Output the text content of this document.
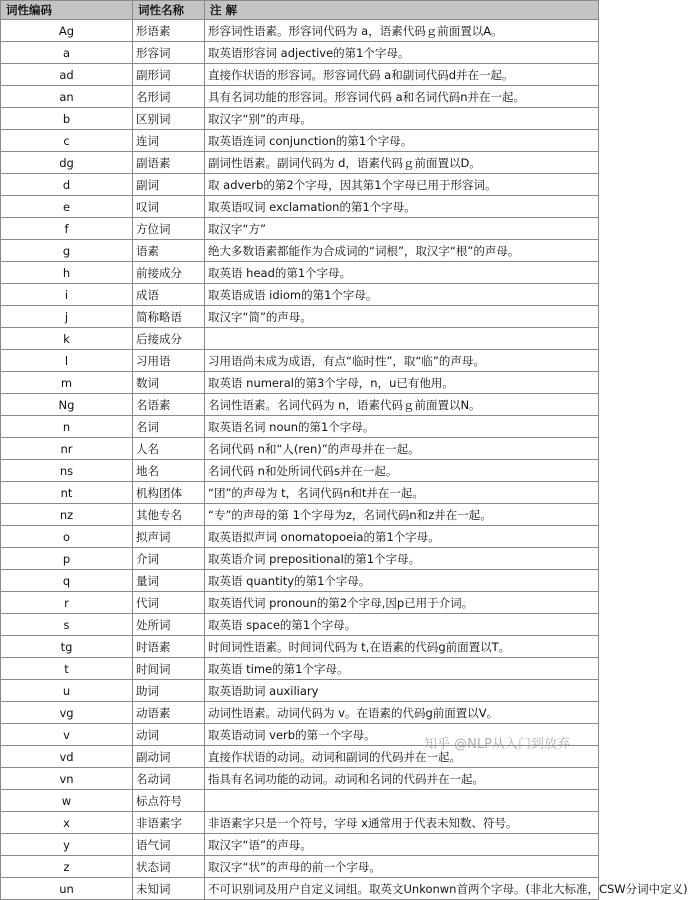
词性编码	词性名称	注 解
Ag	形语素	形容词性语素。形容词代码为 a，语素代码ｇ前面置以A。
a	形容词	取英语形容词 adjective的第1个字母。
ad	副形词	直接作状语的形容词。形容词代码 a和副词代码d并在一起。
an	名形词	具有名词功能的形容词。形容词代码 a和名词代码n并在一起。
b	区别词	取汉字“别”的声母。
c	连词	取英语连词 conjunction的第1个字母。
dg	副语素	副词性语素。副词代码为 d，语素代码ｇ前面置以D。
d	副词	取 adverb的第2个字母，因其第1个字母已用于形容词。
e	叹词	取英语叹词 exclamation的第1个字母。
f	方位词	取汉字“方”
g	语素	绝大多数语素都能作为合成词的“词根”，取汉字“根”的声母。
h	前接成分	取英语 head的第1个字母。
i	成语	取英语成语 idiom的第1个字母。
j	简称略语	取汉字“简”的声母。
k	后接成分	
l	习用语	习用语尚未成为成语，有点“临时性”，取“临”的声母。
m	数词	取英语 numeral的第3个字母，n，u已有他用。
Ng	名语素	名词性语素。名词代码为 n，语素代码ｇ前面置以N。
n	名词	取英语名词 noun的第1个字母。
nr	人名	名词代码 n和“人(ren)”的声母并在一起。
ns	地名	名词代码 n和处所词代码s并在一起。
nt	机构团体	“团”的声母为 t，名词代码n和t并在一起。
nz	其他专名	“专”的声母的第 1个字母为z，名词代码n和z并在一起。
o	拟声词	取英语拟声词 onomatopoeia的第1个字母。
p	介词	取英语介词 prepositional的第1个字母。
q	量词	取英语 quantity的第1个字母。
r	代词	取英语代词 pronoun的第2个字母,因p已用于介词。
s	处所词	取英语 space的第1个字母。
tg	时语素	时间词性语素。时间词代码为 t,在语素的代码g前面置以T。
t	时间词	取英语 time的第1个字母。
u	助词	取英语助词 auxiliary
vg	动语素	动词性语素。动词代码为 v。在语素的代码g前面置以V。
v	动词	取英语动词 verb的第一个字母。
vd	副动词	直接作状语的动词。动词和副词的代码并在一起。
vn	名动词	指具有名词功能的动词。动词和名词的代码并在一起。
w	标点符号	
x	非语素字	非语素字只是一个符号，字母 x通常用于代表未知数、符号。
y	语气词	取汉字“语”的声母。
z	状态词	取汉字“状”的声母的前一个字母。
un	未知词	不可识别词及用户自定义词组。取英文Unkonwn首两个字母。(非北大标准，CSW分词中定义)
知乎 @NLP从入门到放弃
